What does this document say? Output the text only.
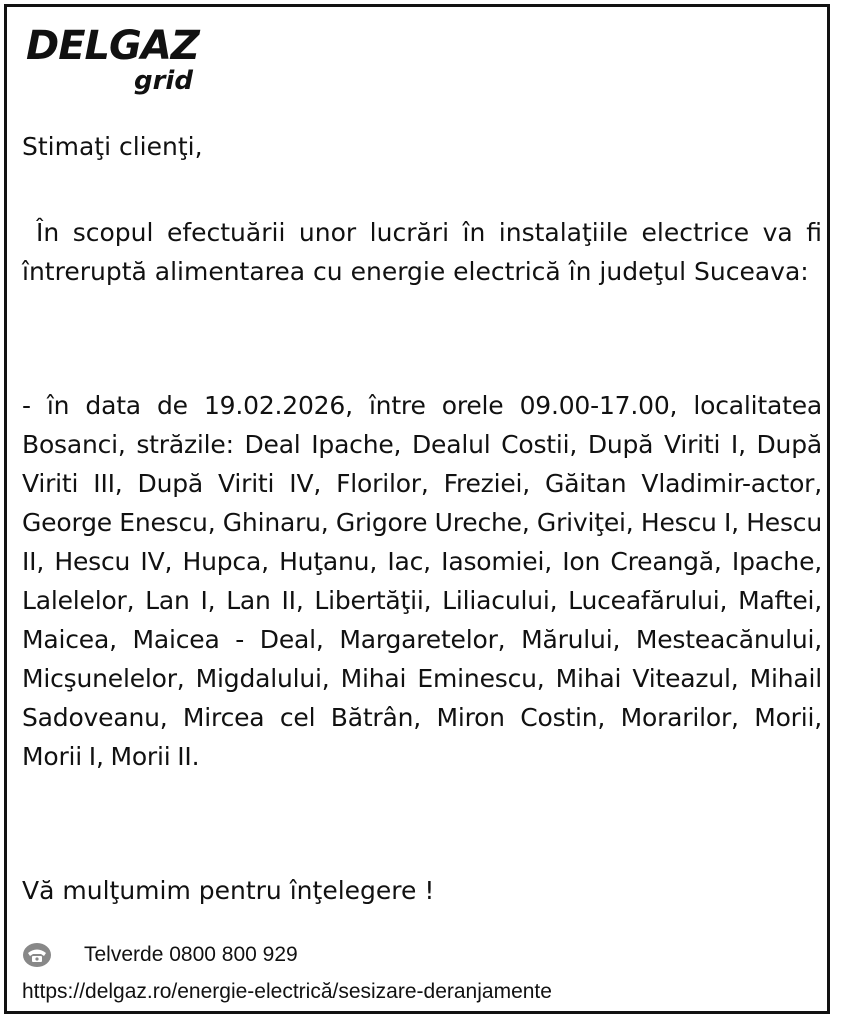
DELGAZ
grid
Stimaţi clienţi,
În scopul efectuării unor lucrări în instalaţiile electrice va fi întreruptă alimentarea cu energie electrică în judeţul Suceava:
- în data de 19.02.2026, între orele 09.00-17.00, localitatea Bosanci, străzile: Deal Ipache, Dealul Costii, După Viriti I, După Viriti III, După Viriti IV, Florilor, Freziei, Găitan Vladimir-actor, George Enescu, Ghinaru, Grigore Ureche, Griviţei, Hescu I, Hescu II, Hescu IV, Hupca, Huţanu, Iac, Iasomiei, Ion Creangă, Ipache, Lalelelor, Lan I, Lan II, Libertăţii, Liliacului, Luceafărului, Maftei, Maicea, Maicea - Deal, Margaretelor, Mărului, Mesteacănului, Micşunelelor, Migdalului, Mihai Eminescu, Mihai Viteazul, Mihail Sadoveanu, Mircea cel Bătrân, Miron Costin, Morarilor, Morii, Morii I, Morii II.
Vă mulţumim pentru înţelegere !
Telverde 0800 800 929
https://delgaz.ro/energie-electrică/sesizare-deranjamente
